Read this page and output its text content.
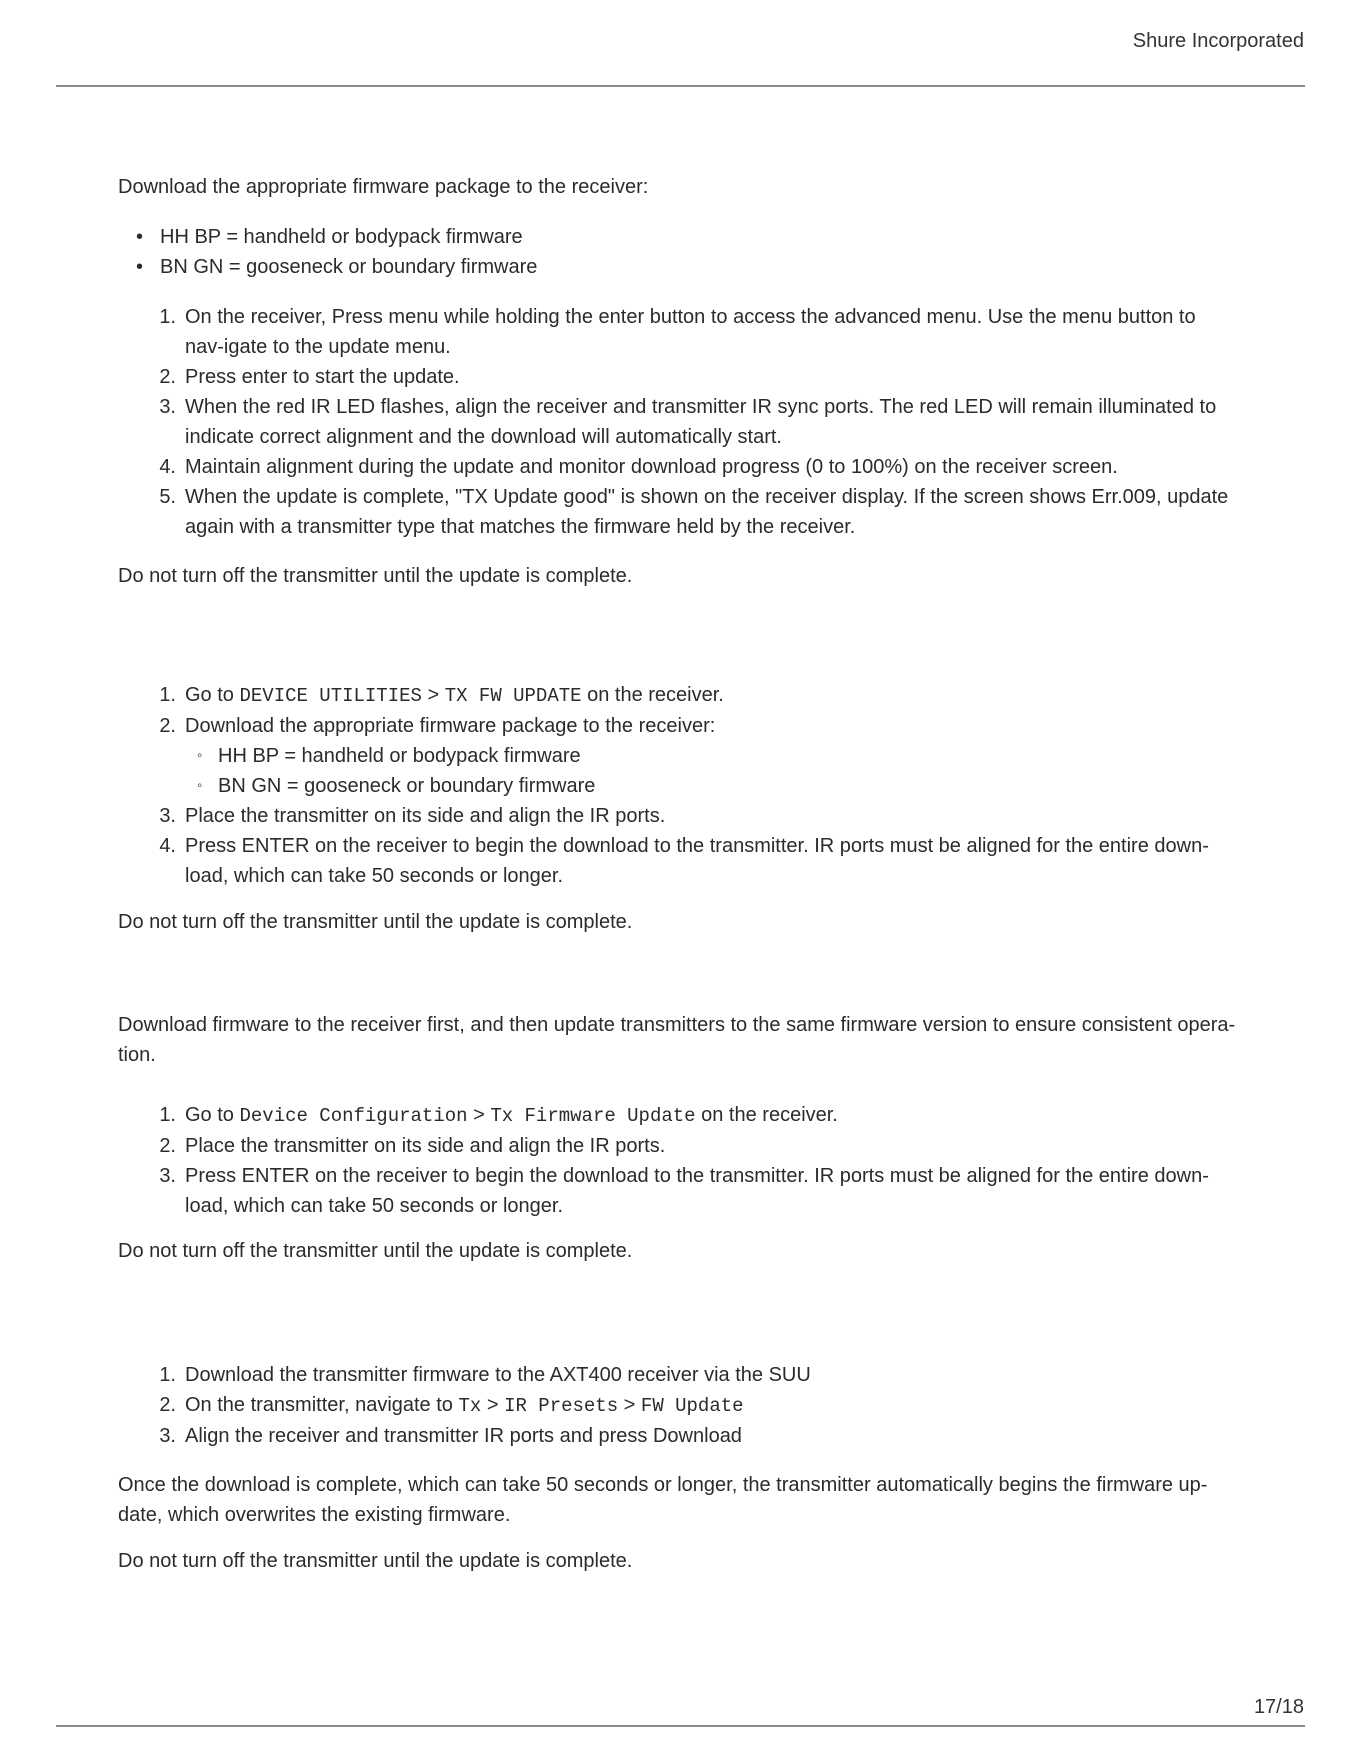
Shure Incorporated

Download the appropriate firmware package to the receiver:

• HH BP = handheld or bodypack firmware
• BN GN = gooseneck or boundary firmware
1. On the receiver, Press menu while holding the enter button to access the advanced menu. Use the menu button to nav-igate to the update menu.
2. Press enter to start the update.
3. When the red IR LED flashes, align the receiver and transmitter IR sync ports. The red LED will remain illuminated to indicate correct alignment and the download will automatically start.
4. Maintain alignment during the update and monitor download progress (0 to 100%) on the receiver screen.
5. When the update is complete, "TX Update good" is shown on the receiver display. If the screen shows Err.009, update again with a transmitter type that matches the firmware held by the receiver.

Do not turn off the transmitter until the update is complete.

1. Go to DEVICE UTILITIES > TX FW UPDATE on the receiver.
2. Download the appropriate firmware package to the receiver:
◦ HH BP = handheld or bodypack firmware
◦ BN GN = gooseneck or boundary firmware
3. Place the transmitter on its side and align the IR ports.
4. Press ENTER on the receiver to begin the download to the transmitter. IR ports must be aligned for the entire down-load, which can take 50 seconds or longer.

Do not turn off the transmitter until the update is complete.

Download firmware to the receiver first, and then update transmitters to the same firmware version to ensure consistent opera-tion.

1. Go to Device Configuration > Tx Firmware Update on the receiver.
2. Place the transmitter on its side and align the IR ports.
3. Press ENTER on the receiver to begin the download to the transmitter. IR ports must be aligned for the entire down-load, which can take 50 seconds or longer.

Do not turn off the transmitter until the update is complete.

1. Download the transmitter firmware to the AXT400 receiver via the SUU
2. On the transmitter, navigate to Tx > IR Presets > FW Update
3. Align the receiver and transmitter IR ports and press Download

Once the download is complete, which can take 50 seconds or longer, the transmitter automatically begins the firmware up-date, which overwrites the existing firmware.

Do not turn off the transmitter until the update is complete.

17/18
